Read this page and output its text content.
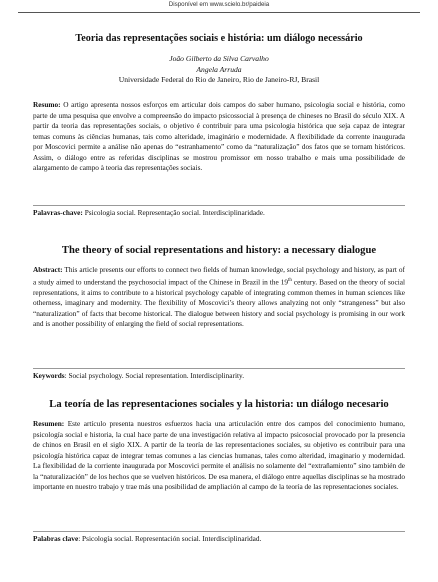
Disponível em www.scielo.br/paideia
Teoria das representações sociais e história: um diálogo necessário
João Gilberto da Silva Carvalho
Angela Arruda
Universidade Federal do Rio de Janeiro, Rio de Janeiro-RJ, Brasil
Resumo: O artigo apresenta nossos esforços em articular dois campos do saber humano, psicologia social e história, como parte de uma pesquisa que envolve a compreensão do impacto psicossocial à presença de chineses no Brasil do século XIX. A partir da teoria das representações sociais, o objetivo é contribuir para uma psicologia histórica que seja capaz de integrar temas comuns às ciências humanas, tais como alteridade, imaginário e modernidade. A flexibilidade da corrente inaugurada por Moscovici permite a análise não apenas do “estranhamento” como da “naturalização” dos fatos que se tornam históricos. Assim, o diálogo entre as referidas disciplinas se mostrou promissor em nosso trabalho e mais uma possibilidade de alargamento de campo à teoria das representações sociais.
Palavras-chave: Psicologia social. Representação social. Interdisciplinaridade.
The theory of social representations and history: a necessary dialogue
Abstract: This article presents our efforts to connect two fields of human knowledge, social psychology and history, as part of a study aimed to understand the psychosocial impact of the Chinese in Brazil in the 19th century. Based on the theory of social representations, it aims to contribute to a historical psychology capable of integrating common themes in human sciences like otherness, imaginary and modernity. The flexibility of Moscovici’s theory allows analyzing not only “strangeness” but also “naturalization” of facts that become historical. The dialogue between history and social psychology is promising in our work and is another possibility of enlarging the field of social representations.
Keywords: Social psychology. Social representation. Interdisciplinarity.
La teoría de las representaciones sociales y la historia: un diálogo necesario
Resumen: Este artículo presenta nuestros esfuerzos hacia una articulación entre dos campos del conocimiento humano, psicología social e historia, la cual hace parte de una investigación relativa al impacto psicosocial provocado por la presencia de chinos en Brasil en el siglo XIX. A partir de la teoría de las representaciones sociales, su objetivo es contribuir para una psicología histórica capaz de integrar temas comunes a las ciencias humanas, tales como alteridad, imaginario y modernidad. La flexibilidad de la corriente inaugurada por Moscovici permite el análisis no solamente del “extrañamiento” sino también de la “naturalización” de los hechos que se vuelven históricos. De esa manera, el diálogo entre aquellas disciplinas se ha mostrado importante en nuestro trabajo y trae más una posibilidad de ampliación al campo de la teoría de las representaciones sociales.
Palabras clave: Psicología social. Representación social. Interdisciplinaridad.
